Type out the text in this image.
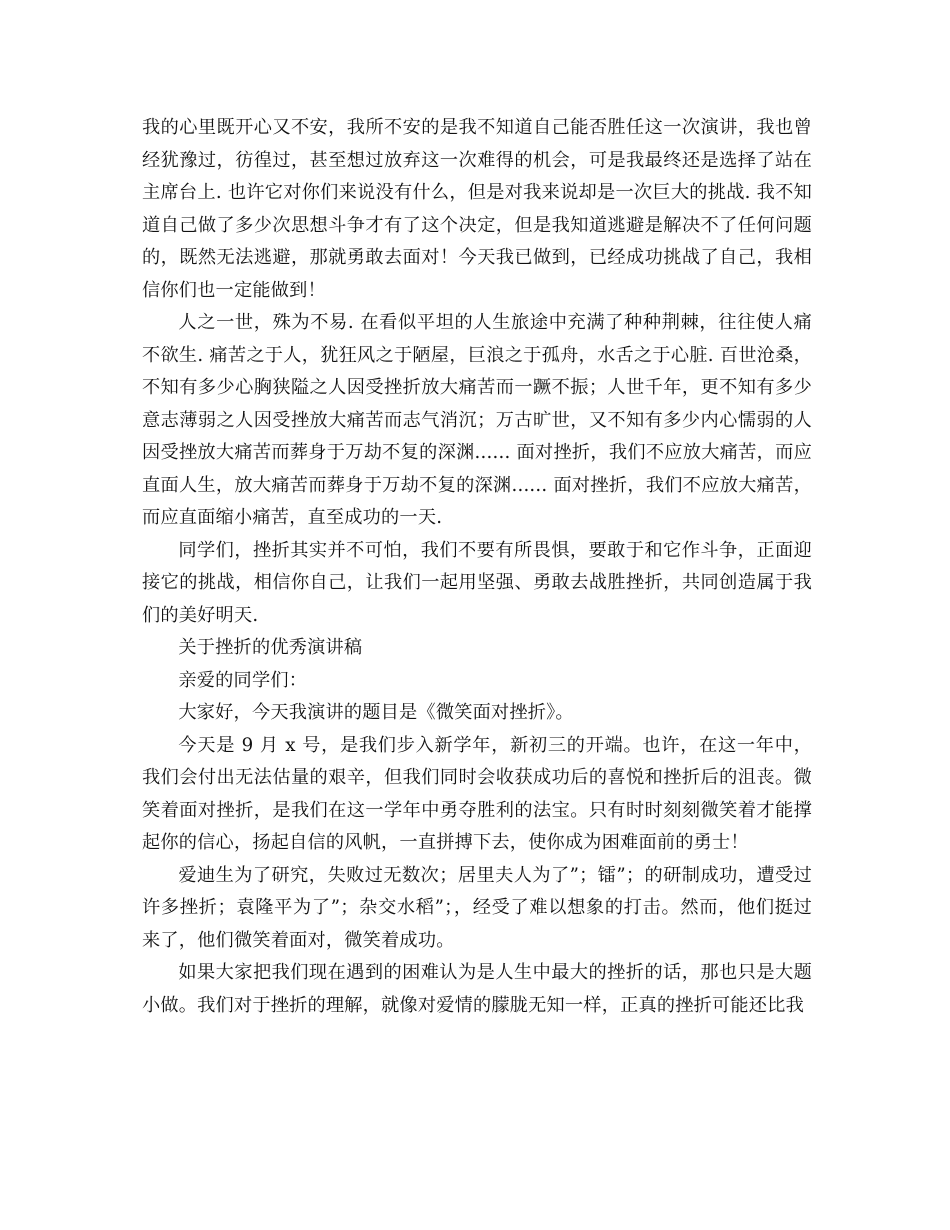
我的心里既开心又不安，我所不安的是我不知道自己能否胜任这一次演讲，我也曾经犹豫过，彷徨过，甚至想过放弃这一次难得的机会，可是我最终还是选择了站在主席台上. 也许它对你们来说没有什么，但是对我来说却是一次巨大的挑战. 我不知道自己做了多少次思想斗争才有了这个决定，但是我知道逃避是解决不了任何问题的，既然无法逃避，那就勇敢去面对！今天我已做到，已经成功挑战了自己，我相信你们也一定能做到！

人之一世，殊为不易. 在看似平坦的人生旅途中充满了种种荆棘，往往使人痛不欲生. 痛苦之于人，犹狂风之于陋屋，巨浪之于孤舟，水舌之于心脏. 百世沧桑，不知有多少心胸狭隘之人因受挫折放大痛苦而一蹶不振；人世千年，更不知有多少意志薄弱之人因受挫放大痛苦而志气消沉；万古旷世，又不知有多少内心懦弱的人因受挫放大痛苦而葬身于万劫不复的深渊...... 面对挫折，我们不应放大痛苦，而应直面人生，放大痛苦而葬身于万劫不复的深渊...... 面对挫折，我们不应放大痛苦，而应直面缩小痛苦，直至成功的一天.

同学们，挫折其实并不可怕，我们不要有所畏惧，要敢于和它作斗争，正面迎接它的挑战，相信你自己，让我们一起用坚强、勇敢去战胜挫折，共同创造属于我们的美好明天.

关于挫折的优秀演讲稿

亲爱的同学们：

大家好，今天我演讲的题目是《微笑面对挫折》。

今天是 9 月 x 号，是我们步入新学年，新初三的开端。也许，在这一年中，我们会付出无法估量的艰辛，但我们同时会收获成功后的喜悦和挫折后的沮丧。微笑着面对挫折，是我们在这一学年中勇夺胜利的法宝。只有时时刻刻微笑着才能撑起你的信心，扬起自信的风帆，一直拼搏下去，使你成为困难面前的勇士！

爱迪生为了研究，失败过无数次；居里夫人为了”；镭”；的研制成功，遭受过许多挫折；袁隆平为了”；杂交水稻”；，经受了难以想象的打击。然而，他们挺过来了，他们微笑着面对，微笑着成功。

如果大家把我们现在遇到的困难认为是人生中最大的挫折的话，那也只是大题小做。我们对于挫折的理解，就像对爱情的朦胧无知一样，正真的挫折可能还比我
